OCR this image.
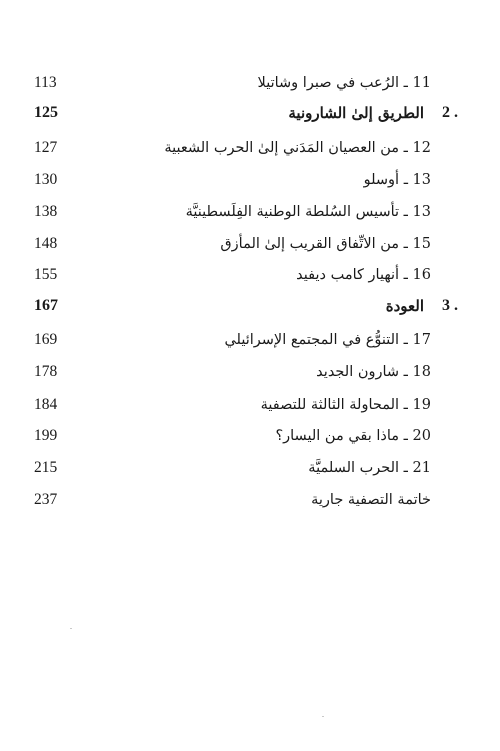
113	11 ـ الرُعب في صبرا وشاتيلا
125	الطريق إلىٰ الشارونية 2 .
127	12 ـ من العصيان المَدَني إلىٰ الحرب الشعبية
130	13 ـ أوسلو
138	13 ـ تأسيس السُلطة الوطنية الفِلَسطينيَّة
148	15 ـ من الاتِّفاق القريب إلىٰ المأزق
155	16 ـ أنهيار كامب ديفيد
167	العودة 3 .
169	17 ـ التنوُّع في المجتمع الإسرائيلي
178	18 ـ شارون الجديد
184	19 ـ المحاولة الثالثة للتصفية
199	20 ـ ماذا بقي من اليسار؟
215	21 ـ الحرب السلميَّة
237	خاتمة التصفية جارية
